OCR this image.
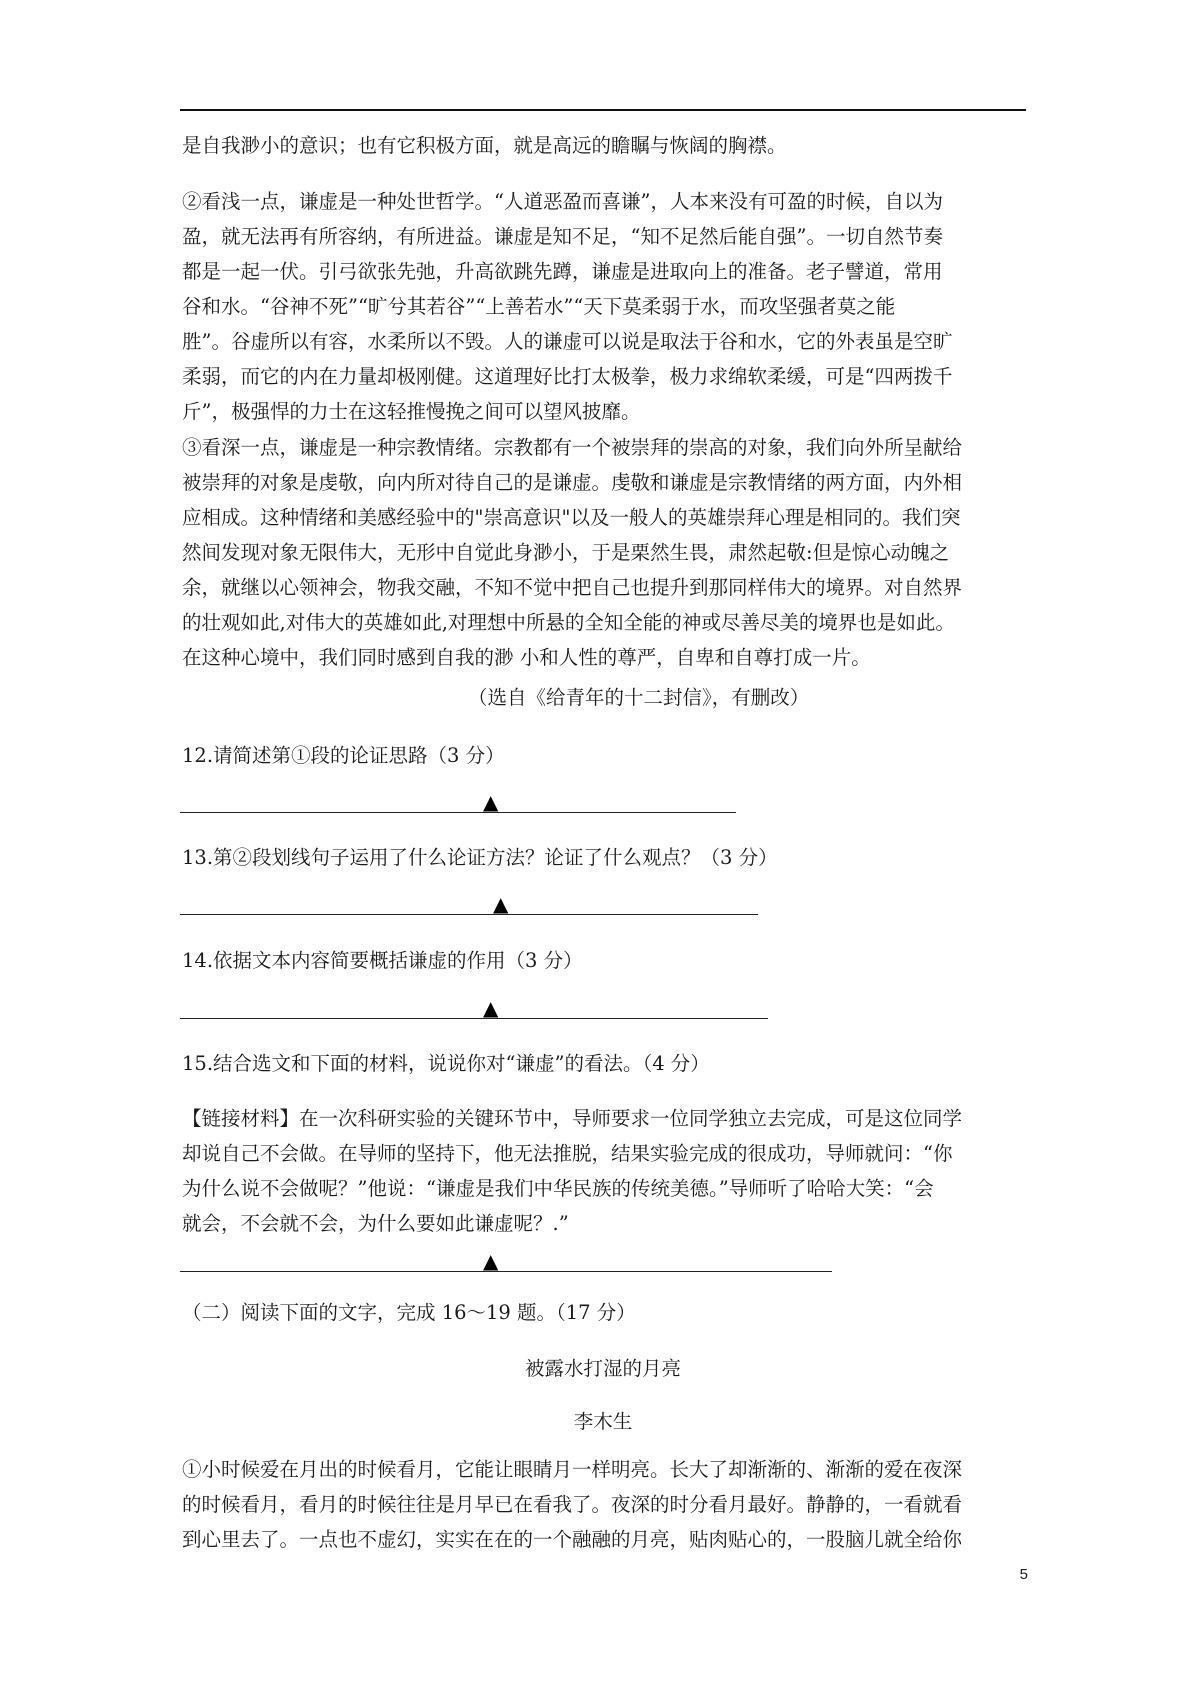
是自我渺小的意识；也有它积极方面，就是高远的瞻瞩与恢阔的胸襟。
②看浅一点，谦虚是一种处世哲学。“人道恶盈而喜谦”，人本来没有可盈的时候，自以为
盈，就无法再有所容纳，有所进益。谦虚是知不足，“知不足然后能自强”。一切自然节奏
都是一起一伏。引弓欲张先弛，升高欲跳先蹲，谦虚是进取向上的准备。老子譬道，常用
谷和水。“谷神不死”“旷兮其若谷”“上善若水”“天下莫柔弱于水，而攻坚强者莫之能
胜”。谷虚所以有容，水柔所以不毁。人的谦虚可以说是取法于谷和水，它的外表虽是空旷
柔弱，而它的内在力量却极刚健。这道理好比打太极拳，极力求绵软柔缓，可是“四两拨千
斤”，极强悍的力士在这轻推慢挽之间可以望风披靡。
③看深一点，谦虚是一种宗教情绪。宗教都有一个被崇拜的崇高的对象，我们向外所呈献给
被崇拜的对象是虔敬，向内所对待自己的是谦虚。虔敬和谦虚是宗教情绪的两方面，内外相
应相成。这种情绪和美感经验中的"崇高意识"以及一般人的英雄崇拜心理是相同的。我们突
然间发现对象无限伟大，无形中自觉此身渺小，于是栗然生畏，肃然起敬:但是惊心动魄之
余，就继以心领神会，物我交融，不知不觉中把自己也提升到那同样伟大的境界。对自然界
的壮观如此,对伟大的英雄如此,对理想中所悬的全知全能的神或尽善尽美的境界也是如此。
在这种心境中，我们同时感到自我的渺 小和人性的尊严，自卑和自尊打成一片。
（选自《给青年的十二封信》，有删改）
12.请简述第①段的论证思路（3 分）
▲
13.第②段划线句子运用了什么论证方法？论证了什么观点？（3 分）
▲
14.依据文本内容简要概括谦虚的作用（3 分）
▲
15.结合选文和下面的材料，说说你对“谦虚”的看法。（4 分）
【链接材料】在一次科研实验的关键环节中，导师要求一位同学独立去完成，可是这位同学
却说自己不会做。在导师的坚持下，他无法推脱，结果实验完成的很成功，导师就问：“你
为什么说不会做呢？”他说：“谦虚是我们中华民族的传统美德。”导师听了哈哈大笑：“会
就会，不会就不会，为什么要如此谦虚呢？.”
▲
（二）阅读下面的文字，完成 16～19 题。（17 分）
被露水打湿的月亮
李木生
①小时候爱在月出的时候看月，它能让眼睛月一样明亮。长大了却渐渐的、渐渐的爱在夜深
的时候看月，看月的时候往往是月早已在看我了。夜深的时分看月最好。静静的，一看就看
到心里去了。一点也不虚幻，实实在在的一个融融的月亮，贴肉贴心的，一股脑儿就全给你
5
